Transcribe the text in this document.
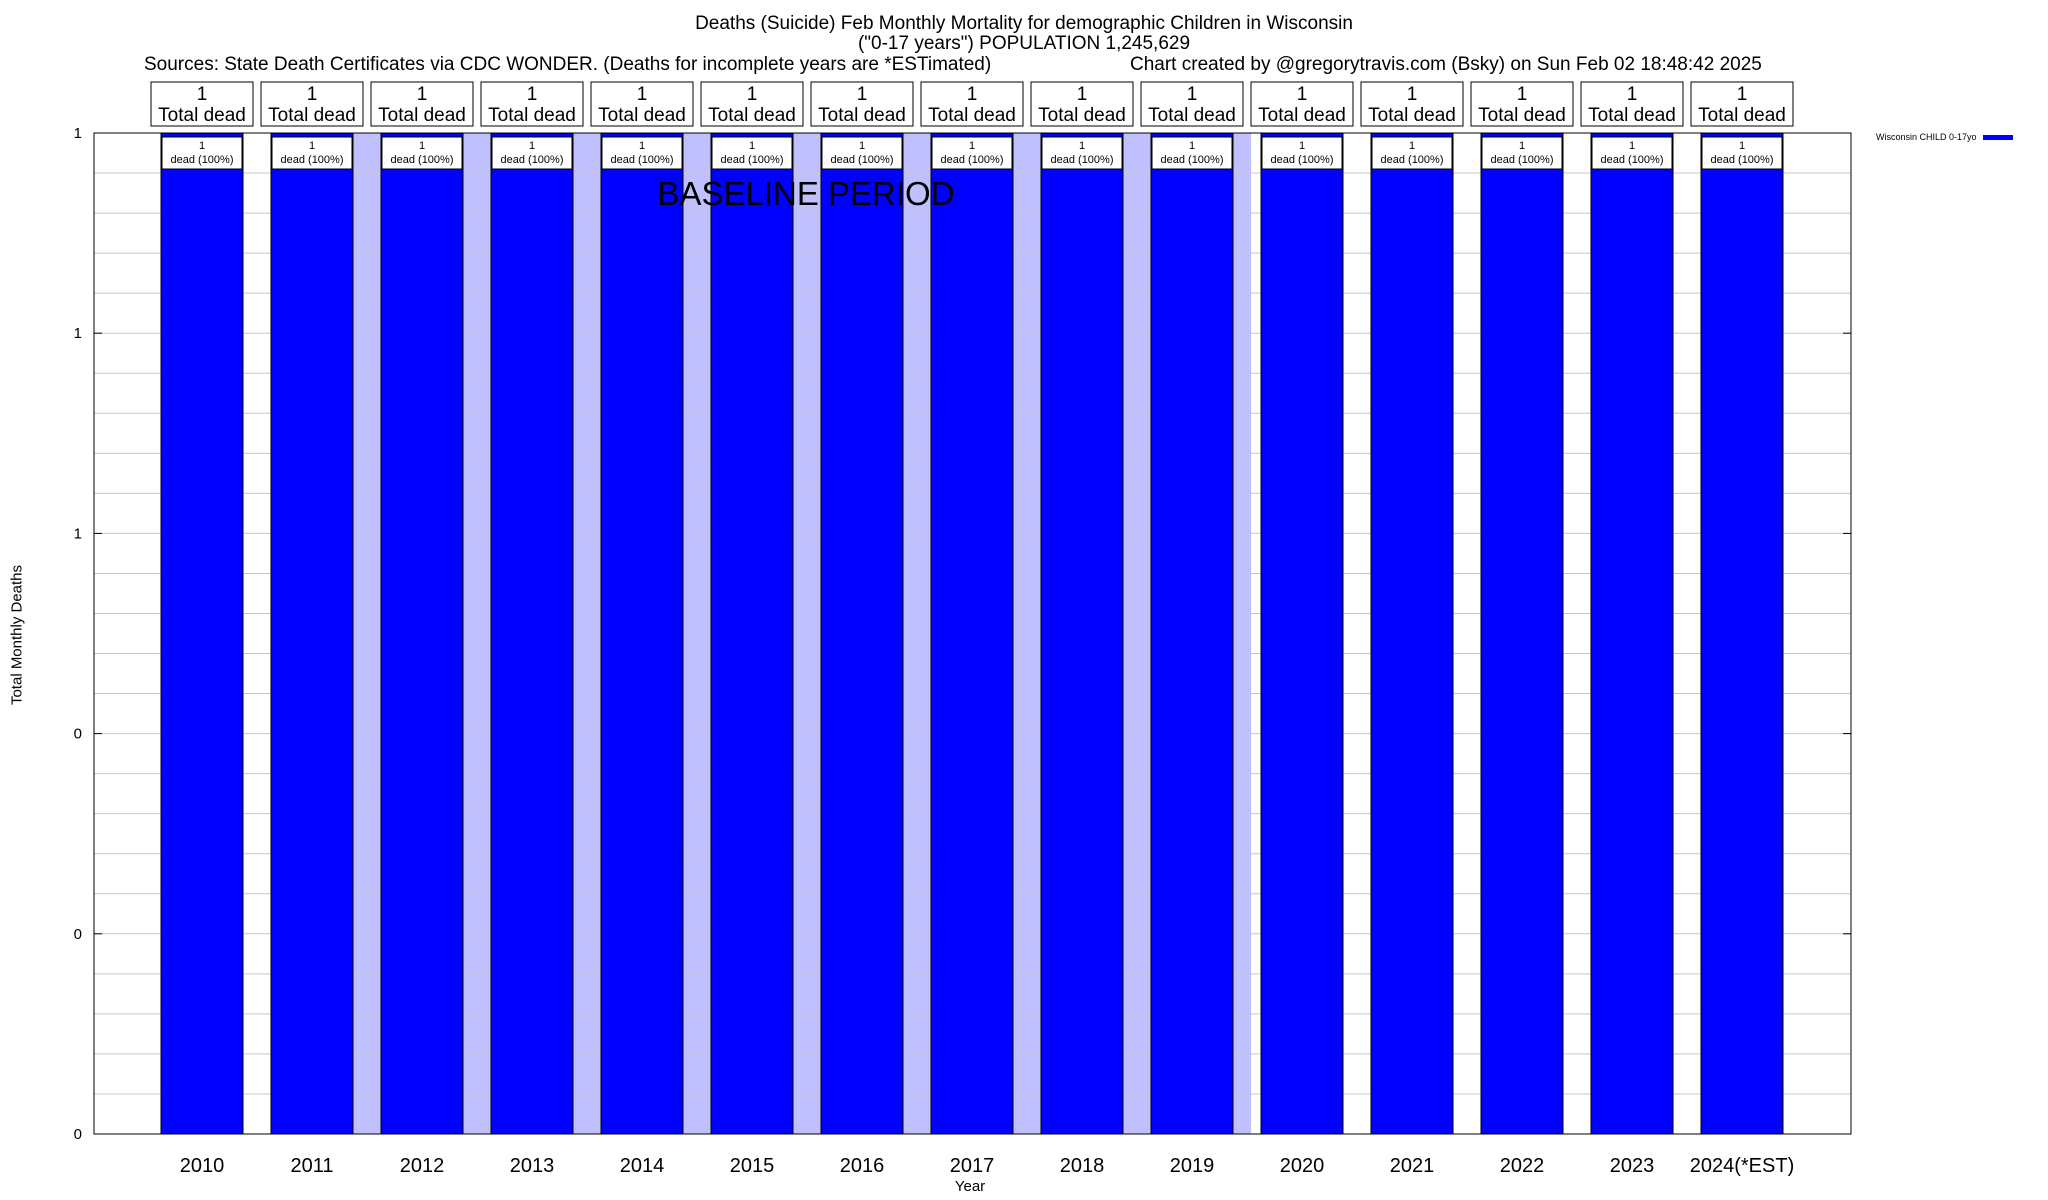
Deaths (Suicide) Feb Monthly Mortality for demographic Children in Wisconsin
("0-17 years") POPULATION 1,245,629
Sources: State Death Certificates via CDC WONDER. (Deaths for incomplete years are *ESTimated)	Chart created by @gregorytravis.com (Bsky) on Sun Feb 02 18:48:42 2025
0
0
0
1
1
1
2010	2011	2012	2013	2014	2015	2016	2017	2018	2019	2020	2021	2022	2023 2024(*EST)
1
Total dead
1
Total dead
1
Total dead
1
Total dead
1
Total dead
1
Total dead
1
Total dead
1
Total dead
1
Total dead
1
Total dead
1
Total dead
1
Total dead
1
Total dead
1
Total dead
1
Total dead
1
dead (100%)
1
dead (100%)
1
dead (100%)
1
dead (100%)
1
dead (100%)
1
dead (100%)
1
dead (100%)
1
dead (100%)
1
dead (100%)
1
dead (100%)
1
dead (100%)
1
dead (100%)
1
dead (100%)
1
dead (100%)
1
dead (100%)
BASELINE PERIOD
Total Monthly Deaths
Year
Wisconsin CHILD 0-17yo
